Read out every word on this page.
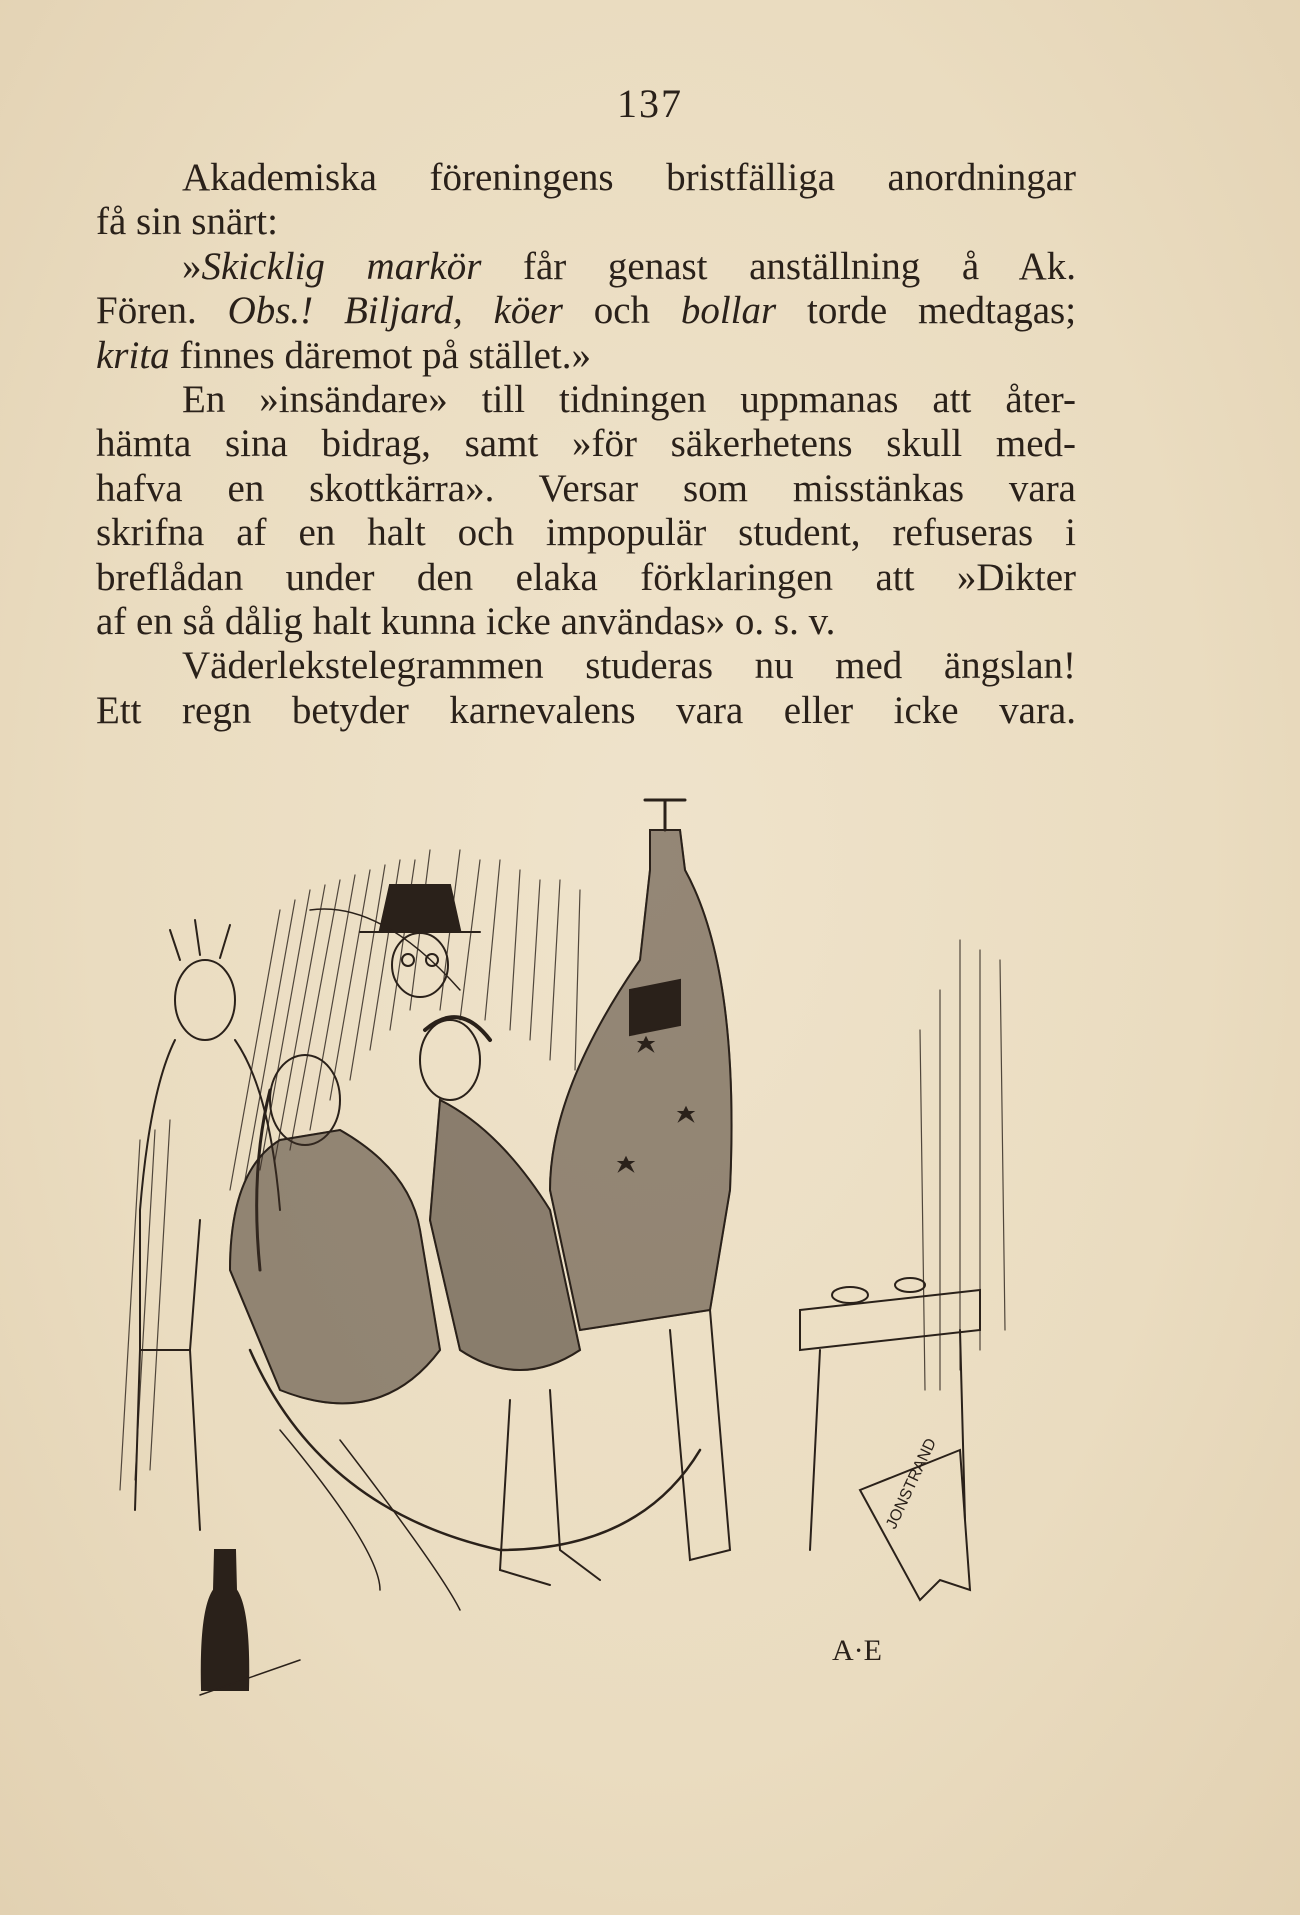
137

Akademiska föreningens bristfälliga anordningar
få sin snärt:

»Skicklig markör får genast anställning å Ak.
Fören. Obs.! Biljard, köer och bollar torde medtagas;
krita finnes däremot på stället.»

En »insändare» till tidningen uppmanas att åter-
hämta sina bidrag, samt »för säkerhetens skull med-
hafva en skottkärra». Versar som misstänkas vara
skrifna af en halt och impopulär student, refuseras i
breflådan under den elaka förklaringen att »Dikter
af en så dålig halt kunna icke användas» o. s. v.

Väderlekstelegrammen studeras nu med ängslan!
Ett regn betyder karnevalens vara eller icke vara.

JONSTRAND
A·E
